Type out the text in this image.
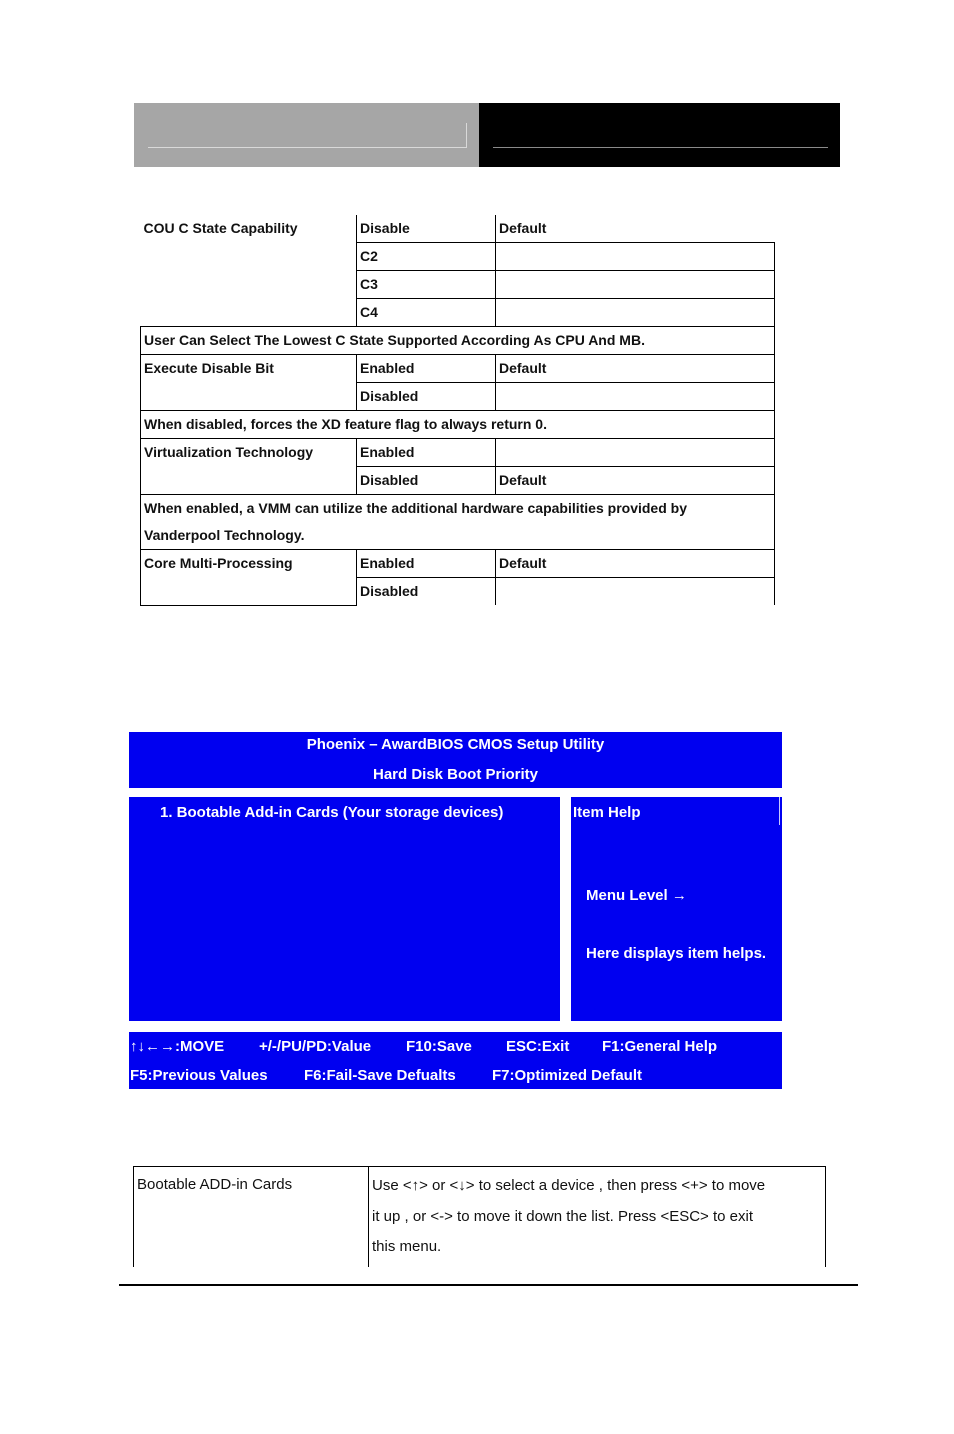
COU C State Capability	Disable	Default
	C2	
	C3	
	C4	
User Can Select The Lowest C State Supported According As CPU And MB.		
Execute Disable Bit	Enabled	Default
	Disabled	
When disabled, forces the XD feature flag to always return 0.		
Virtualization Technology	Enabled	
	Disabled	Default

When enabled, a VMM can utilize the additional hardware capabilities provided by
Vanderpool Technology.		

Core Multi-Processing	Enabled	Default
	Disabled	
Phoenix – AwardBIOS CMOS Setup Utility
Hard Disk Boot Priority
1. Bootable Add-in Cards (Your storage devices)	Item Help
Menu Level →
Here displays item helps.
↑↓←→:MOVE +/-/PU/PD:Value F10:Save ESC:Exit F1:General Help
F5:Previous Values F6:Fail-Save Defualts F7:Optimized Default
Bootable ADD-in Cards	Use <↑> or <↓> to select a device , then press <+> to move
it up , or <-> to move it down the list. Press <ESC> to exit
this menu.
